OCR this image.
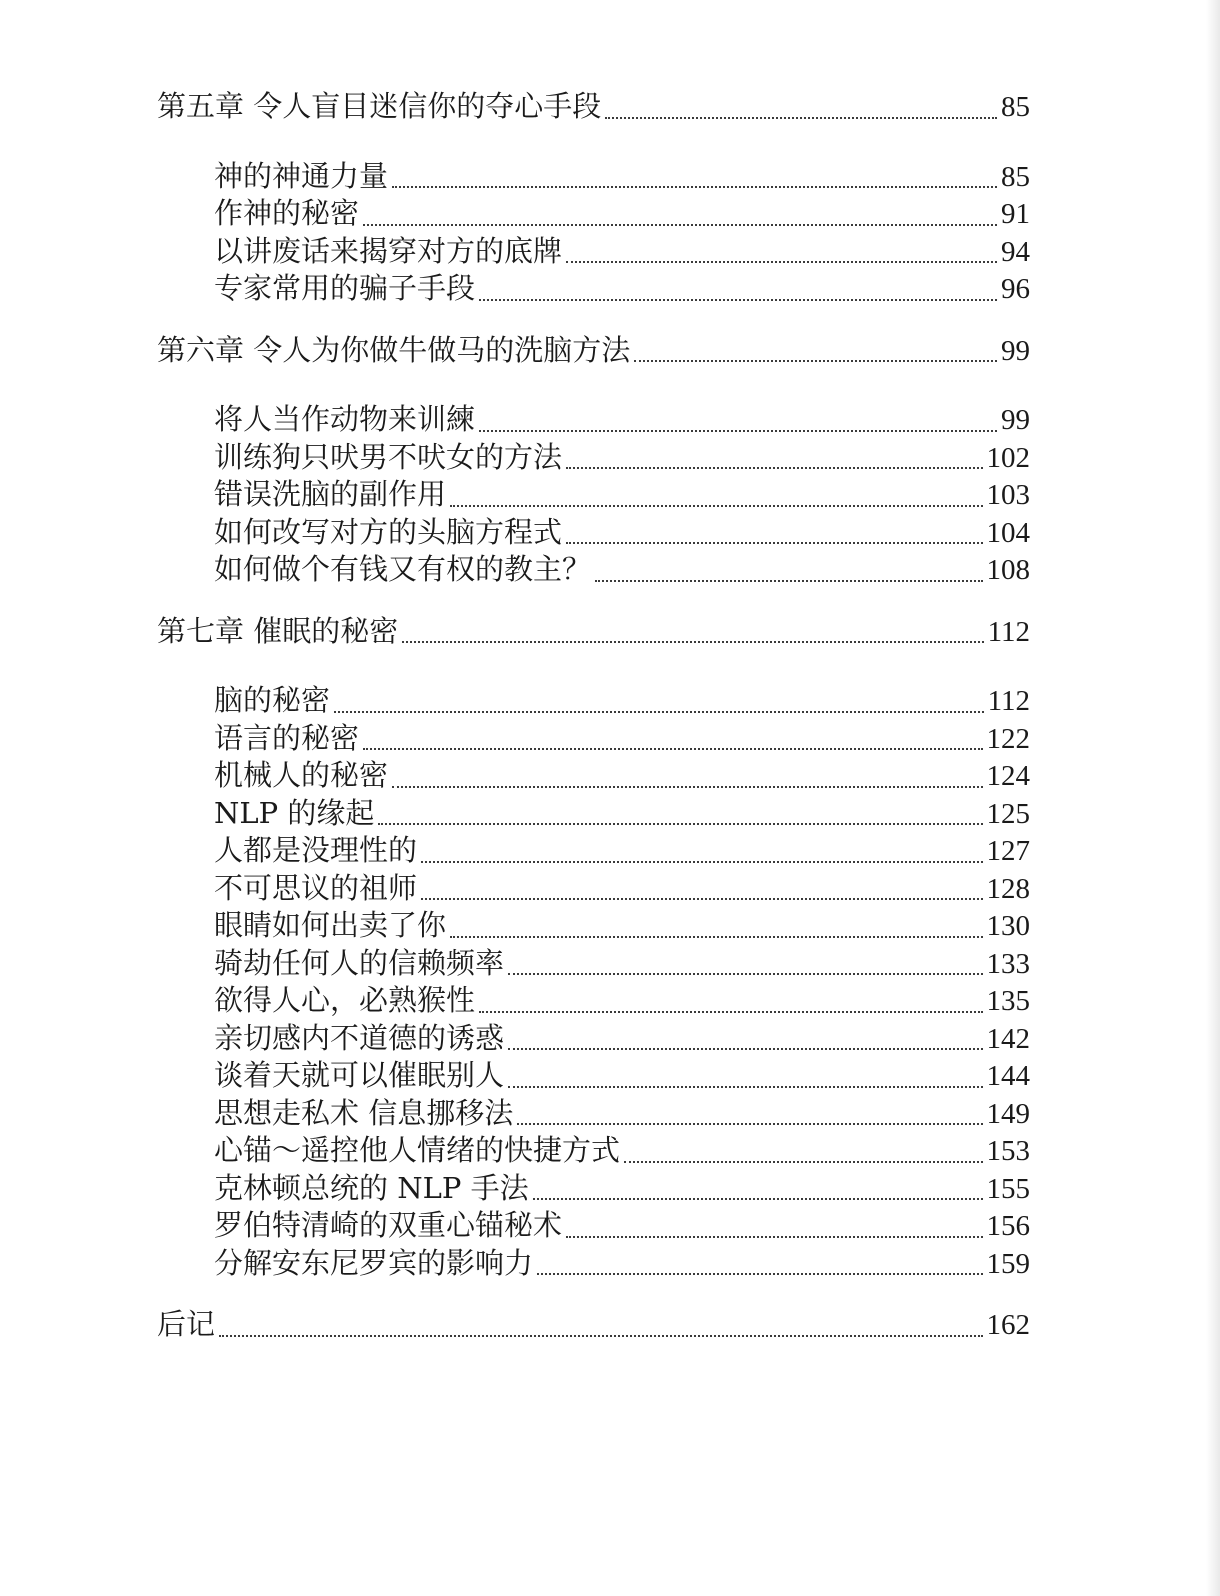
第五章 令人盲目迷信你的夺心手段	85
神的神通力量	85
作神的秘密	91
以讲废话来揭穿对方的底牌	94
专家常用的骗子手段	96
第六章 令人为你做牛做马的洗脑方法	99
将人当作动物来训練	99
训练狗只吠男不吠女的方法	102
错误洗脑的副作用	103
如何改写对方的头脑方程式	104
如何做个有钱又有权的教主？	108
第七章 催眠的秘密	112
脑的秘密	112
语言的秘密	122
机械人的秘密	124
NLP 的缘起	125
人都是没理性的	127
不可思议的祖师	128
眼睛如何出卖了你	130
骑劫任何人的信赖频率	133
欲得人心，必熟猴性	135
亲切感内不道德的诱惑	142
谈着天就可以催眠别人	144
思想走私术 信息挪移法	149
心锚～遥控他人情绪的快捷方式	153
克林顿总统的 NLP 手法	155
罗伯特清崎的双重心锚秘术	156
分解安东尼罗宾的影响力	159
后记	162
